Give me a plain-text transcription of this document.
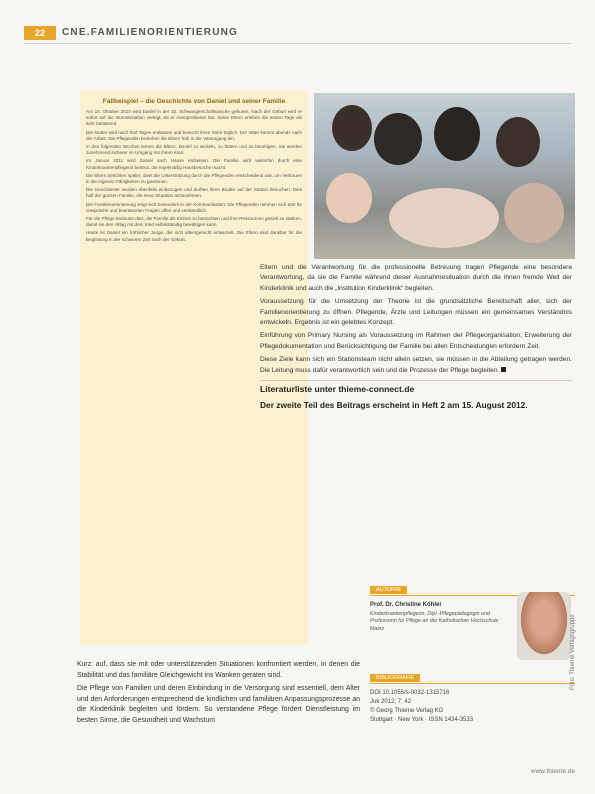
22	CNE.FAMILIENORIENTIERUNG
Fallbeispiel – die Geschichte von Daniel und seiner Familie

Am 10. Oktober 2010 wird Daniel in der 32. Schwangerschaftswoche geboren. Nach der Geburt wird er sofort auf die Intensivstation verlegt, da er Atemprobleme hat. Seine Eltern erleben die ersten Tage als sehr belastend.

Die Mutter wird nach fünf Tagen entlassen und besucht ihren Sohn täglich. Der Vater kommt abends nach der Arbeit. Die Pflegenden beziehen die Eltern früh in die Versorgung ein.

In den folgenden Wochen lernen die Eltern, Daniel zu wickeln, zu füttern und zu beruhigen. Sie werden zunehmend sicherer im Umgang mit ihrem Kind.

Im Januar 2011 wird Daniel nach Hause entlassen. Die Familie wird weiterhin durch eine Kinderkrankenpflegerin betreut, die regelmäßig Hausbesuche macht.

Die Eltern berichten später, dass die Unterstützung durch die Pflegenden entscheidend war, um Vertrauen in die eigenen Fähigkeiten zu gewinnen.

Die Geschwister wurden ebenfalls einbezogen und durften ihren Bruder auf der Station besuchen. Dies half der ganzen Familie, die neue Situation anzunehmen.

Die Familienorientierung zeigt sich besonders in der Kommunikation: Die Pflegenden nehmen sich Zeit für Gespräche und beantworten Fragen offen und verständlich.

Für die Pflege bedeutet dies, die Familie als Einheit zu betrachten und ihre Ressourcen gezielt zu stärken, damit sie den Alltag mit dem Kind selbstständig bewältigen kann.

Heute ist Daniel ein fröhlicher Junge, der sich altersgerecht entwickelt. Die Eltern sind dankbar für die Begleitung in der schweren Zeit nach der Geburt.

Eltern und die Verantwortung für die professionelle Betreuung tragen Pflegende eine besondere Verantwortung, da sie die Familie während dieser Ausnahmesituation durch die ihnen fremde Welt der Kinderklinik und auch die „Institution Kinderklinik“ begleiten.

Voraussetzung für die Umsetzung der Theorie ist die grundsätzliche Bereitschaft aller, sich der Familienorientierung zu öffnen. Pflegende, Ärzte und Leitungen müssen ein gemeinsames Verständnis entwickeln. Ergebnis ist ein gelebtes Konzept.

Einführung von Primary Nursing als Voraussetzung im Rahmen der Pflegeorganisation, Erweiterung der Pflegedokumentation und Berücksichtigung der Familie bei allen Entscheidungen erfordern Zeit.

Diese Ziele kann sich ein Stationsteam nicht allein setzen, sie müssen in die Abteilung getragen werden. Die Leitung muss dafür verantwortlich sein und die Prozesse der Pflege begleiten.

Literaturliste unter thieme-connect.de
Der zweite Teil des Beitrags erscheint in Heft 2 am 15. August 2012.
AUTORIN
Prof. Dr. Christine Köhler
Kinderkrankenpflegerin, Dipl.-Pflegepädagogin und Professorin für Pflege an der Katholischen Hochschule Mainz
BIBLIOGRAFIE
DOI 10.1055/s-0032-1315716
Juk 2012; 7: 42
© Georg Thieme Verlag KG
Stuttgart · New York · ISSN 1434-3533

Kurz: auf, dass sie mit oder unterstützenden Situationen konfrontiert werden, in denen die Stabilität und das familiäre Gleichgewicht ins Wanken geraten sind.

Die Pflege von Familien und deren Einbindung in die Versorgung sind essentiell, dem Alter und den Anforderungen entsprechend die kindlichen und familiären Anpassungsprozesse an die Kinderklinik begleiten und fördern. So verstandene Pflege fördert Dienstleistung im besten Sinne, die Gesundheit und Wachstum

Foto: Thieme Verlagsgruppe
www.thieme.de
